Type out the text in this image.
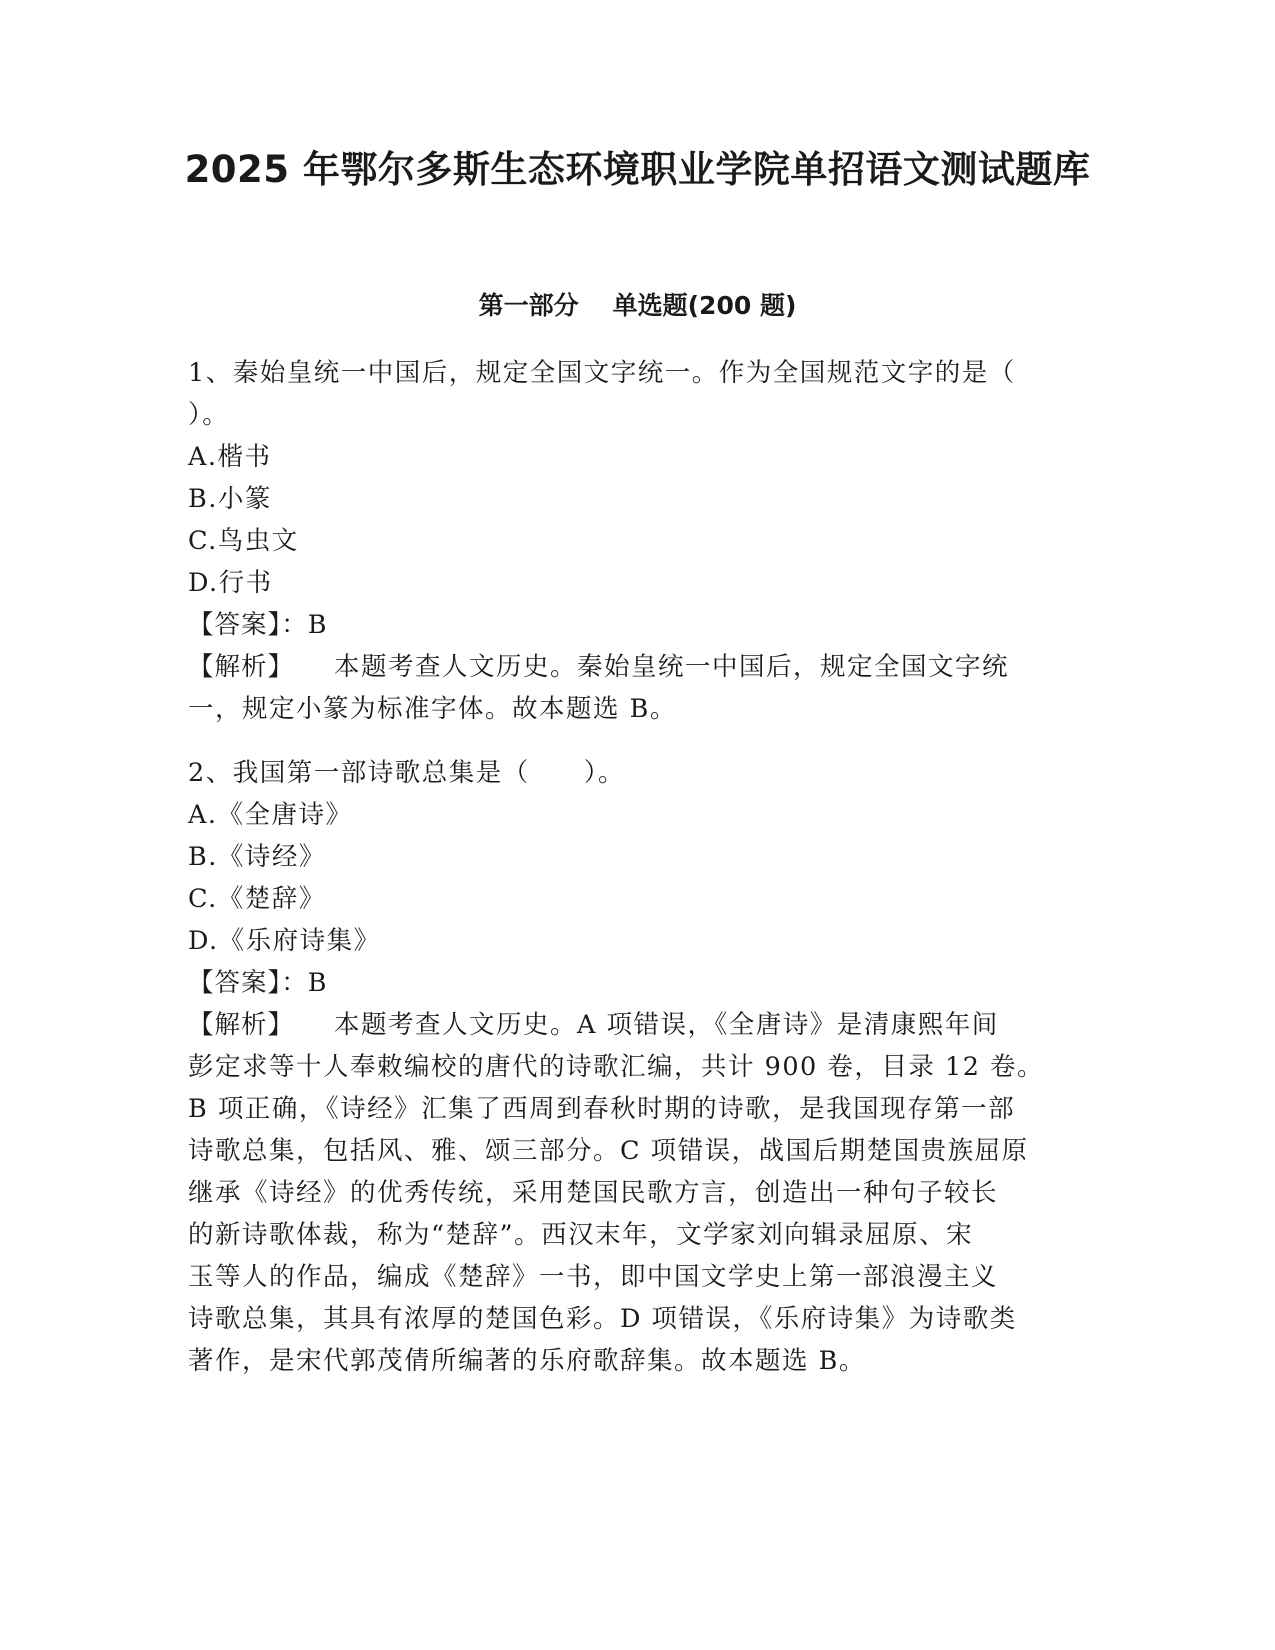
2025 年鄂尔多斯生态环境职业学院单招语文测试题库
第一部分 单选题(200 题)
1、秦始皇统一中国后，规定全国文字统一。作为全国规范文字的是（
）。
A.楷书
B.小篆
C.鸟虫文
D.行书
【答案】：B
【解析】 本题考查人文历史。秦始皇统一中国后，规定全国文字统
一，规定小篆为标准字体。故本题选 B。
2、我国第一部诗歌总集是（　　）。
A.《全唐诗》
B.《诗经》
C.《楚辞》
D.《乐府诗集》
【答案】：B
【解析】 本题考查人文历史。A 项错误，《全唐诗》是清康熙年间
彭定求等十人奉敕编校的唐代的诗歌汇编，共计 900 卷，目录 12 卷。
B 项正确，《诗经》汇集了西周到春秋时期的诗歌，是我国现存第一部
诗歌总集，包括风、雅、颂三部分。C 项错误，战国后期楚国贵族屈原
继承《诗经》的优秀传统，采用楚国民歌方言，创造出一种句子较长
的新诗歌体裁，称为“楚辞”。西汉末年，文学家刘向辑录屈原、宋
玉等人的作品，编成《楚辞》一书，即中国文学史上第一部浪漫主义
诗歌总集，其具有浓厚的楚国色彩。D 项错误，《乐府诗集》为诗歌类
著作，是宋代郭茂倩所编著的乐府歌辞集。故本题选 B。
